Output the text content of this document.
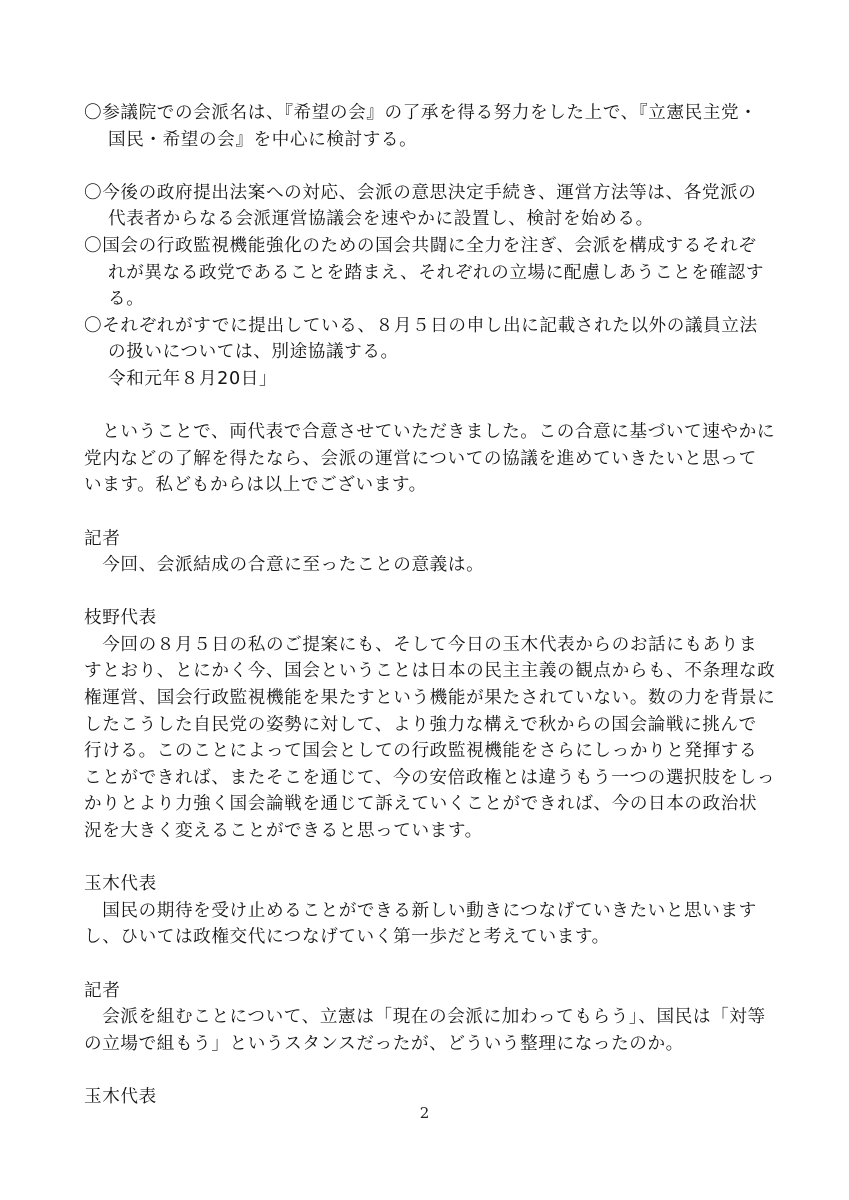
〇参議院での会派名は、『希望の会』の了承を得る努力をした上で、『立憲民主党・
国民・希望の会』を中心に検討する。
〇今後の政府提出法案への対応、会派の意思決定手続き、運営方法等は、各党派の
代表者からなる会派運営協議会を速やかに設置し、検討を始める。
〇国会の行政監視機能強化のための国会共闘に全力を注ぎ、会派を構成するそれぞ
れが異なる政党であることを踏まえ、それぞれの立場に配慮しあうことを確認す
る。
〇それぞれがすでに提出している、８月５日の申し出に記載された以外の議員立法
の扱いについては、別途協議する。
令和元年８月20日」
　ということで、両代表で合意させていただきました。この合意に基づいて速やかに
党内などの了解を得たなら、会派の運営についての協議を進めていきたいと思って
います。私どもからは以上でございます。
記者
　今回、会派結成の合意に至ったことの意義は。
枝野代表
　今回の８月５日の私のご提案にも、そして今日の玉木代表からのお話にもありま
すとおり、とにかく今、国会ということは日本の民主主義の観点からも、不条理な政
権運営、国会行政監視機能を果たすという機能が果たされていない。数の力を背景に
したこうした自民党の姿勢に対して、より強力な構えで秋からの国会論戦に挑んで
行ける。このことによって国会としての行政監視機能をさらにしっかりと発揮する
ことができれば、またそこを通じて、今の安倍政権とは違うもう一つの選択肢をしっ
かりとより力強く国会論戦を通じて訴えていくことができれば、今の日本の政治状
況を大きく変えることができると思っています。
玉木代表
　国民の期待を受け止めることができる新しい動きにつなげていきたいと思います
し、ひいては政権交代につなげていく第一歩だと考えています。
記者
　会派を組むことについて、立憲は「現在の会派に加わってもらう」、国民は「対等
の立場で組もう」というスタンスだったが、どういう整理になったのか。
玉木代表
2
